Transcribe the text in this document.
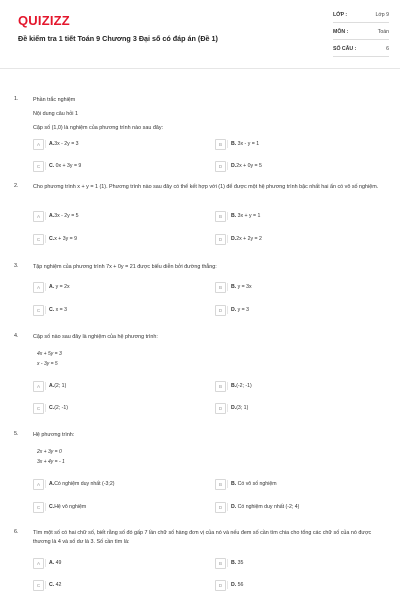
QUIZIZZ
Đề kiểm tra 1 tiết Toán 9 Chương 3 Đại số có đáp án (Đề 1)
LỚP :	Lớp 9
MÔN :	Toán
SỐ CÂU :	6
1.	Phần trắc nghiệm
Nội dung câu hỏi 1
Cặp số (1,0) là nghiệm của phương trình nào sau đây:
A	A.3x - 2y = 3	B	B. 3x - y = 1
C	C. 0x + 3y = 9	D	D.2x + 0y = 5
2.	Cho phương trình x + y = 1 (1). Phương trình nào sau đây có thể kết hợp với (1) để được một hệ phương trình bậc nhất hai ẩn có vô số nghiệm.
A	A.3x - 2y = 5	B	B. 3x + y = 1
C	C.x + 3y = 9	D	D.2x + 2y = 2
3.	Tập nghiệm của phương trình 7x + 0y = 21 được biểu diễn bởi đường thẳng:
A	A. y = 2x	B	B. y = 3x
C	C. x = 3	D	D. y = 3
4.	Cặp số nào sau đây là nghiệm của hệ phương trình:
4x + 5y = 3
x - 3y = 5
A	A.(2; 1)	B	B.(-2; -1)
C	C.(2; -1)	D	D.(3; 1)
5.	Hệ phương trình:
2x + 3y = 0
3x + 4y = - 1
A	A.Có nghiệm duy nhất (-3;2)	B	B. Có vô số nghiệm
C	C.Hệ vô nghiệm	D	D. Có nghiệm duy nhất (-2; 4)
6.	Tìm một số có hai chữ số, biết rằng số đó gấp 7 lần chữ số hàng đơn vị của nó và nếu đem số cần tìm chia cho tổng các chữ số của nó được thương là 4 và số dư là 3. Số cần tìm là:
A	A. 49	B	B. 35
C	C. 42	D	D. 56
